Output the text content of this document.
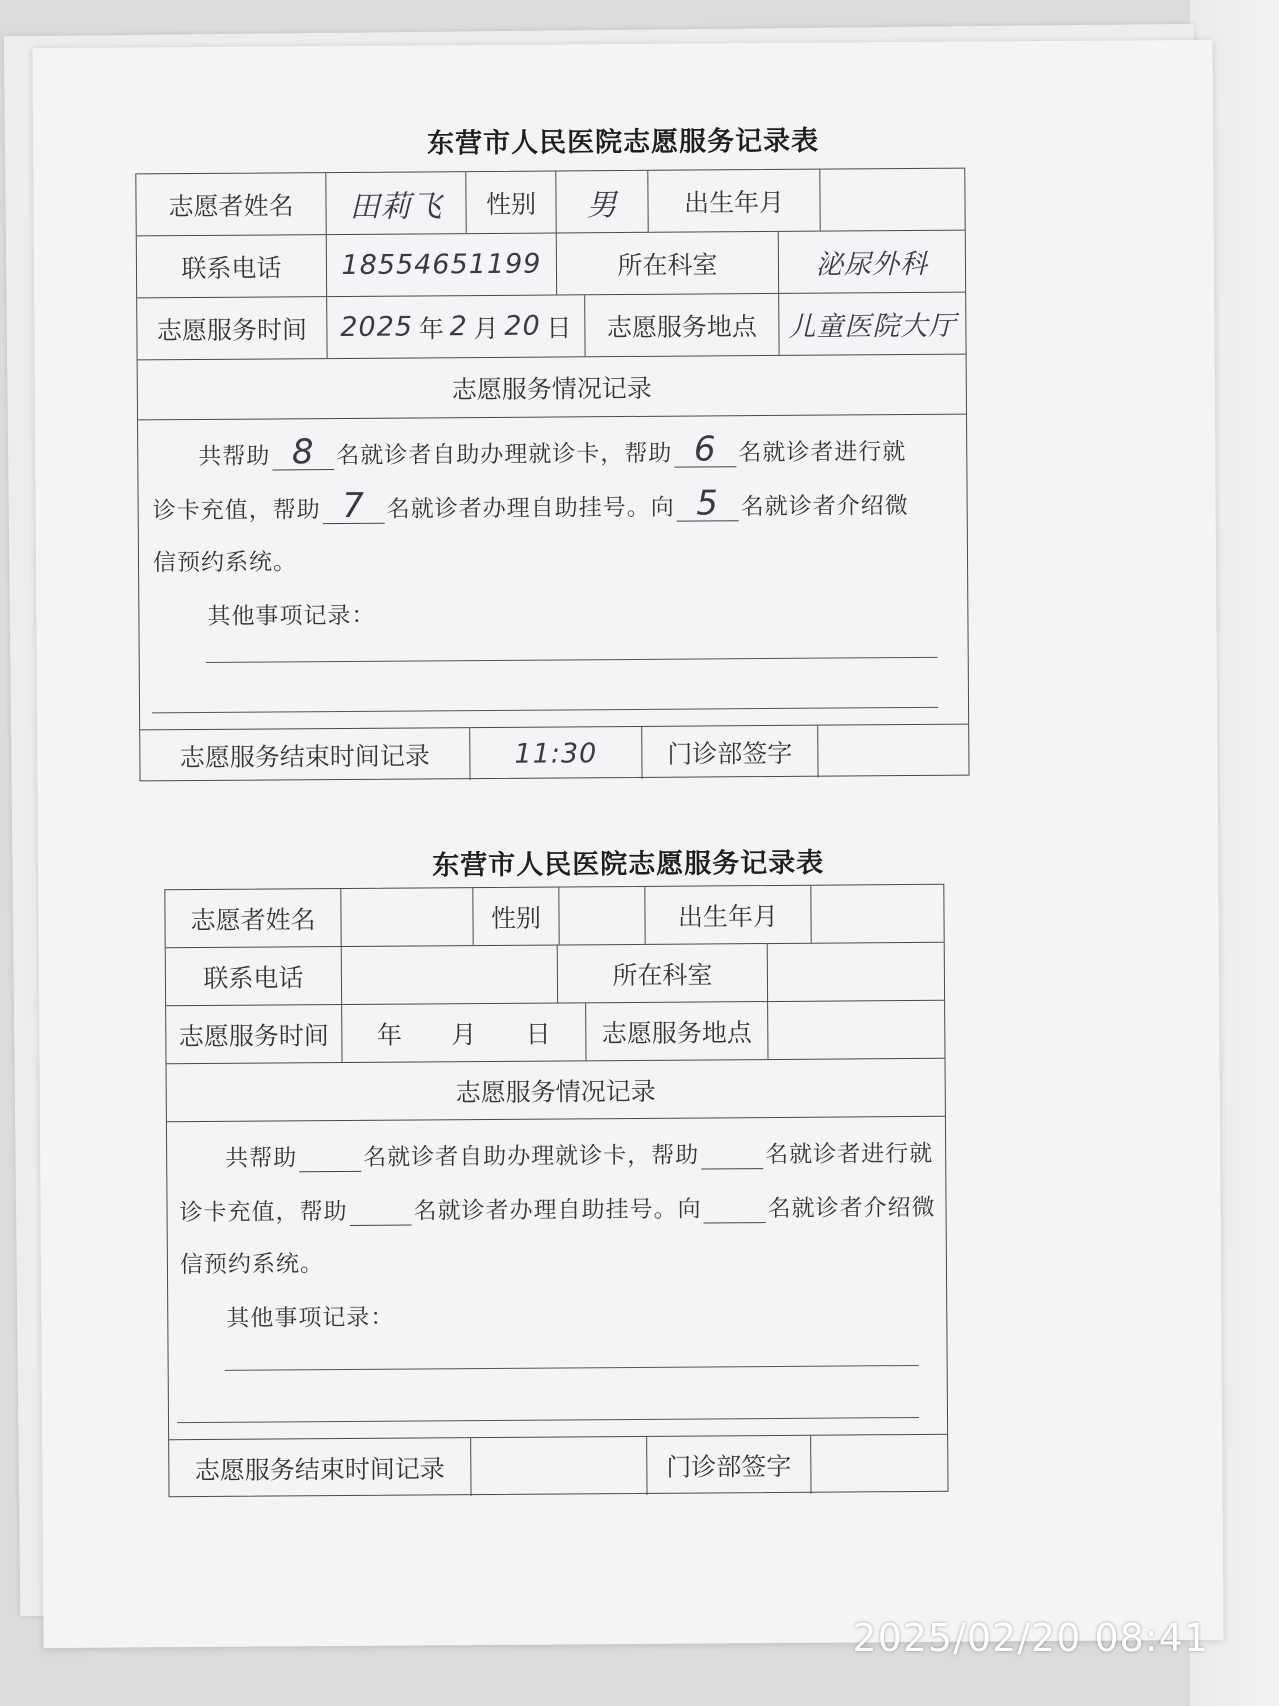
东营市人民医院志愿服务记录表
志愿者姓名	田莉飞	性别	男	出生年月
联系电话	18554651199	所在科室	泌尿外科
志愿服务时间	2025 年 2 月 20 日	志愿服务地点	儿童医院大厅
志愿服务情况记录
共帮助 8 名就诊者自助办理就诊卡，帮助 6 名就诊者进行就
诊卡充值，帮助 7 名就诊者办理自助挂号。向 5 名就诊者介绍微
信预约系统。
其他事项记录：
志愿服务结束时间记录	11:30	门诊部签字
东营市人民医院志愿服务记录表
志愿者姓名	性别	出生年月
联系电话	所在科室
志愿服务时间	年 月 日	志愿服务地点
志愿服务情况记录
共帮助	名就诊者自助办理就诊卡，帮助	名就诊者进行就
诊卡充值，帮助	名就诊者办理自助挂号。向	名就诊者介绍微
信预约系统。
其他事项记录：
志愿服务结束时间记录	门诊部签字
2025/02/20 08:41
